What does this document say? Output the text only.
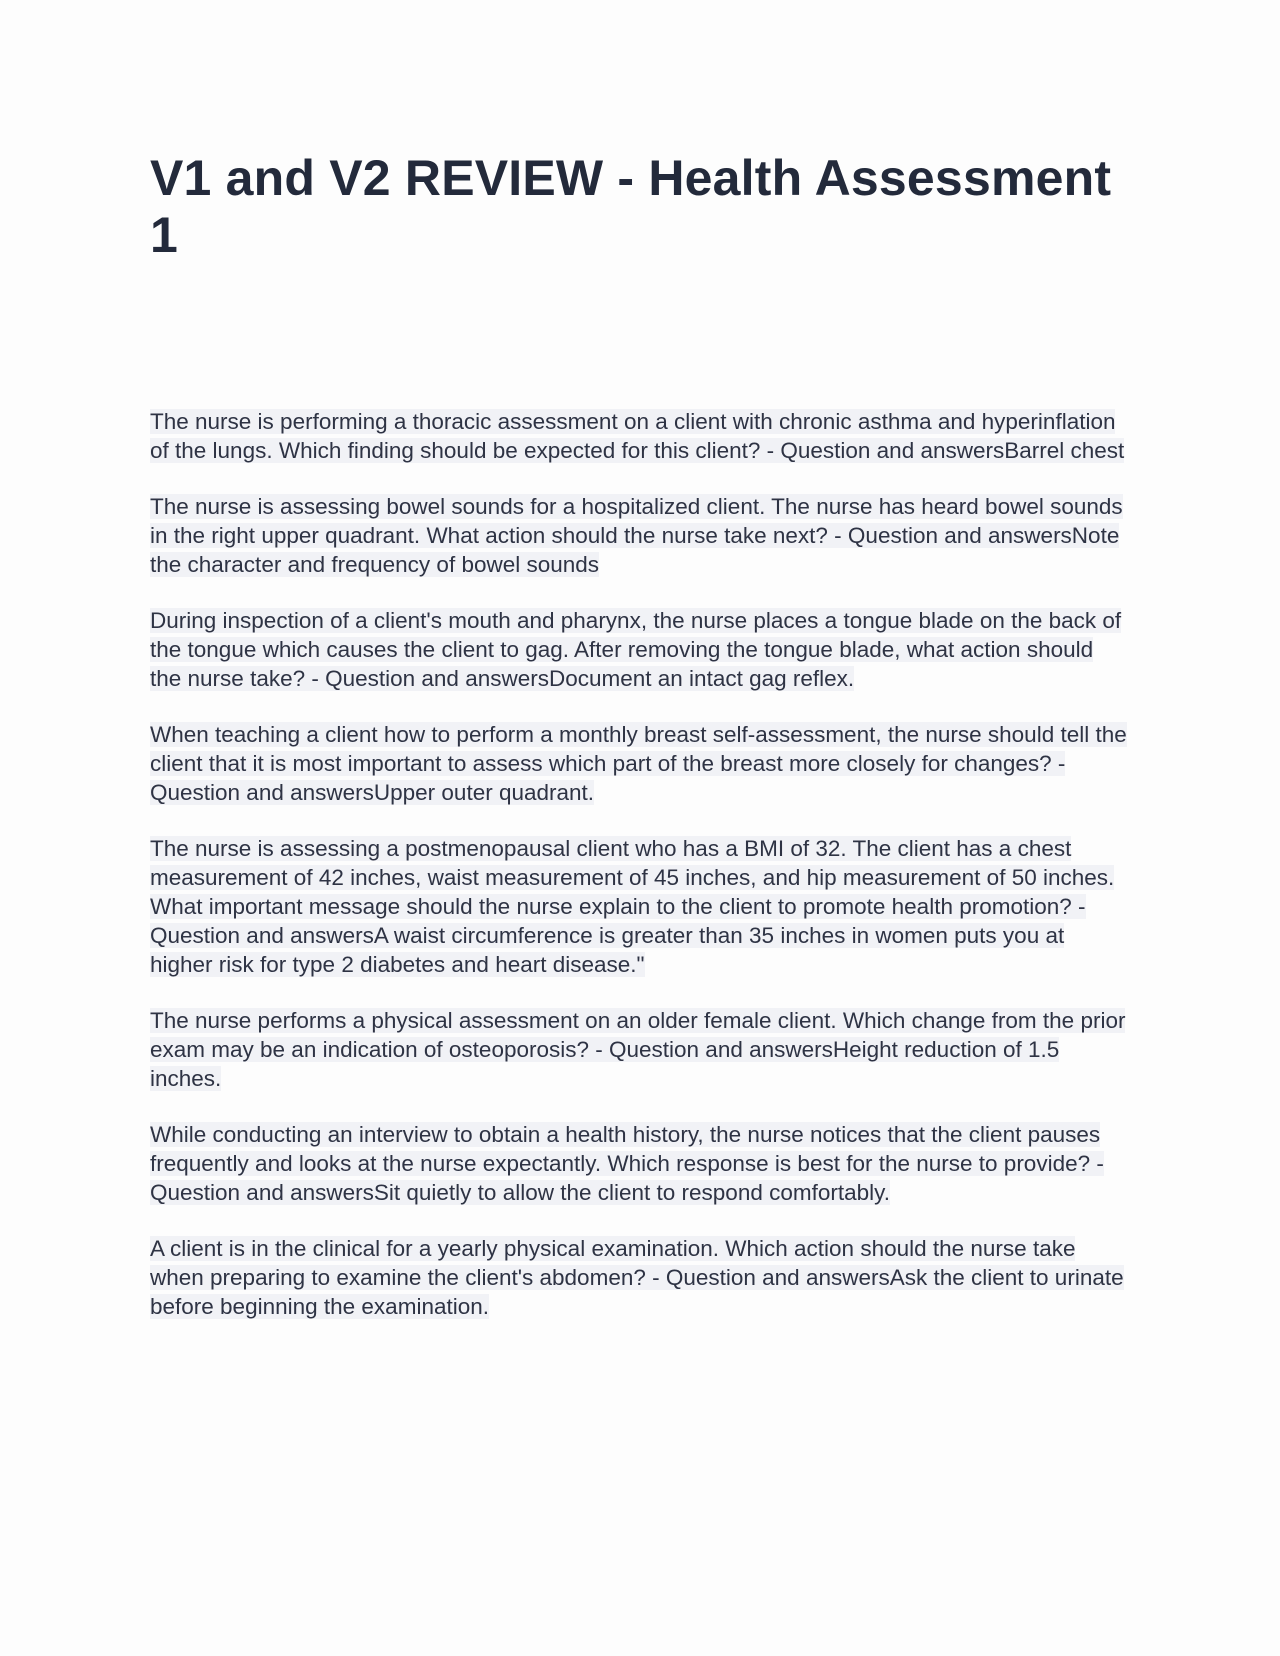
V1 and V2 REVIEW - Health Assessment 1

The nurse is performing a thoracic assessment on a client with chronic asthma and hyperinflation of the lungs. Which finding should be expected for this client? - Question and answersBarrel chest

The nurse is assessing bowel sounds for a hospitalized client. The nurse has heard bowel sounds in the right upper quadrant. What action should the nurse take next? - Question and answersNote the character and frequency of bowel sounds

During inspection of a client's mouth and pharynx, the nurse places a tongue blade on the back of the tongue which causes the client to gag. After removing the tongue blade, what action should the nurse take? - Question and answersDocument an intact gag reflex.

When teaching a client how to perform a monthly breast self-assessment, the nurse should tell the client that it is most important to assess which part of the breast more closely for changes? - Question and answersUpper outer quadrant.

The nurse is assessing a postmenopausal client who has a BMI of 32. The client has a chest measurement of 42 inches, waist measurement of 45 inches, and hip measurement of 50 inches. What important message should the nurse explain to the client to promote health promotion? - Question and answersA waist circumference is greater than 35 inches in women puts you at higher risk for type 2 diabetes and heart disease."

The nurse performs a physical assessment on an older female client. Which change from the prior exam may be an indication of osteoporosis? - Question and answersHeight reduction of 1.5 inches.

While conducting an interview to obtain a health history, the nurse notices that the client pauses frequently and looks at the nurse expectantly. Which response is best for the nurse to provide? - Question and answersSit quietly to allow the client to respond comfortably.

A client is in the clinical for a yearly physical examination. Which action should the nurse take when preparing to examine the client's abdomen? - Question and answersAsk the client to urinate before beginning the examination.
